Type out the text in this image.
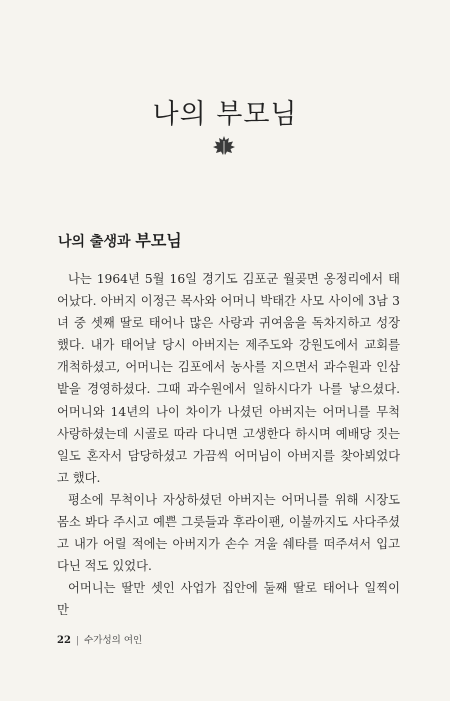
나의 부모님
나의 출생과 부모님

나는 1964년 5월 16일 경기도 김포군 월곶면 옹정리에서 태어났다. 아버지 이정근 목사와 어머니 박태간 사모 사이에 3남 3녀 중 셋째 딸로 태어나 많은 사랑과 귀여움을 독차지하고 성장했다. 내가 태어날 당시 아버지는 제주도와 강원도에서 교회를 개척하셨고, 어머니는 김포에서 농사를 지으면서 과수원과 인삼밭을 경영하셨다. 그때 과수원에서 일하시다가 나를 낳으셨다. 어머니와 14년의 나이 차이가 나셨던 아버지는 어머니를 무척 사랑하셨는데 시골로 따라 다니면 고생한다 하시며 예배당 짓는 일도 혼자서 담당하셨고 가끔씩 어머님이 아버지를 찾아뵈었다고 했다.

평소에 무척이나 자상하셨던 아버지는 어머니를 위해 시장도 몸소 봐다 주시고 예쁜 그릇들과 후라이팬, 이불까지도 사다주셨고 내가 어릴 적에는 아버지가 손수 겨울 쉐타를 떠주셔서 입고 다닌 적도 있었다.

어머니는 딸만 셋인 사업가 집안에 둘째 딸로 태어나 일찍이 만

22 | 수가성의 여인
